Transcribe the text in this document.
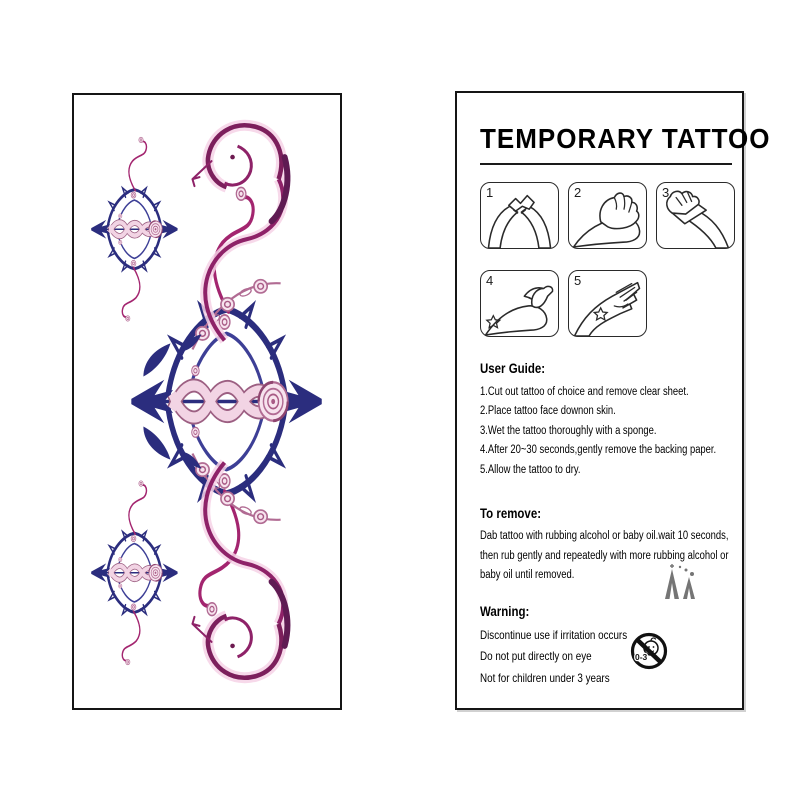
TEMPORARY TATTOO
1	2	3
4	5
User Guide:
1.Cut out tattoo of choice and remove clear sheet.
2.Place tattoo face downon skin.
3.Wet the tattoo thoroughly with a sponge.
4.After 20~30 seconds,gently remove the backing paper.
5.Allow the tattoo to dry.
To remove:
Dab tattoo with rubbing alcohol or baby oil.wait 10 seconds,
then rub gently and repeatedly with more rubbing alcohol or
baby oil until removed.
Warning:
Discontinue use if irritation occurs
Do not put directly on eye
Not for children under 3 years
0-3
